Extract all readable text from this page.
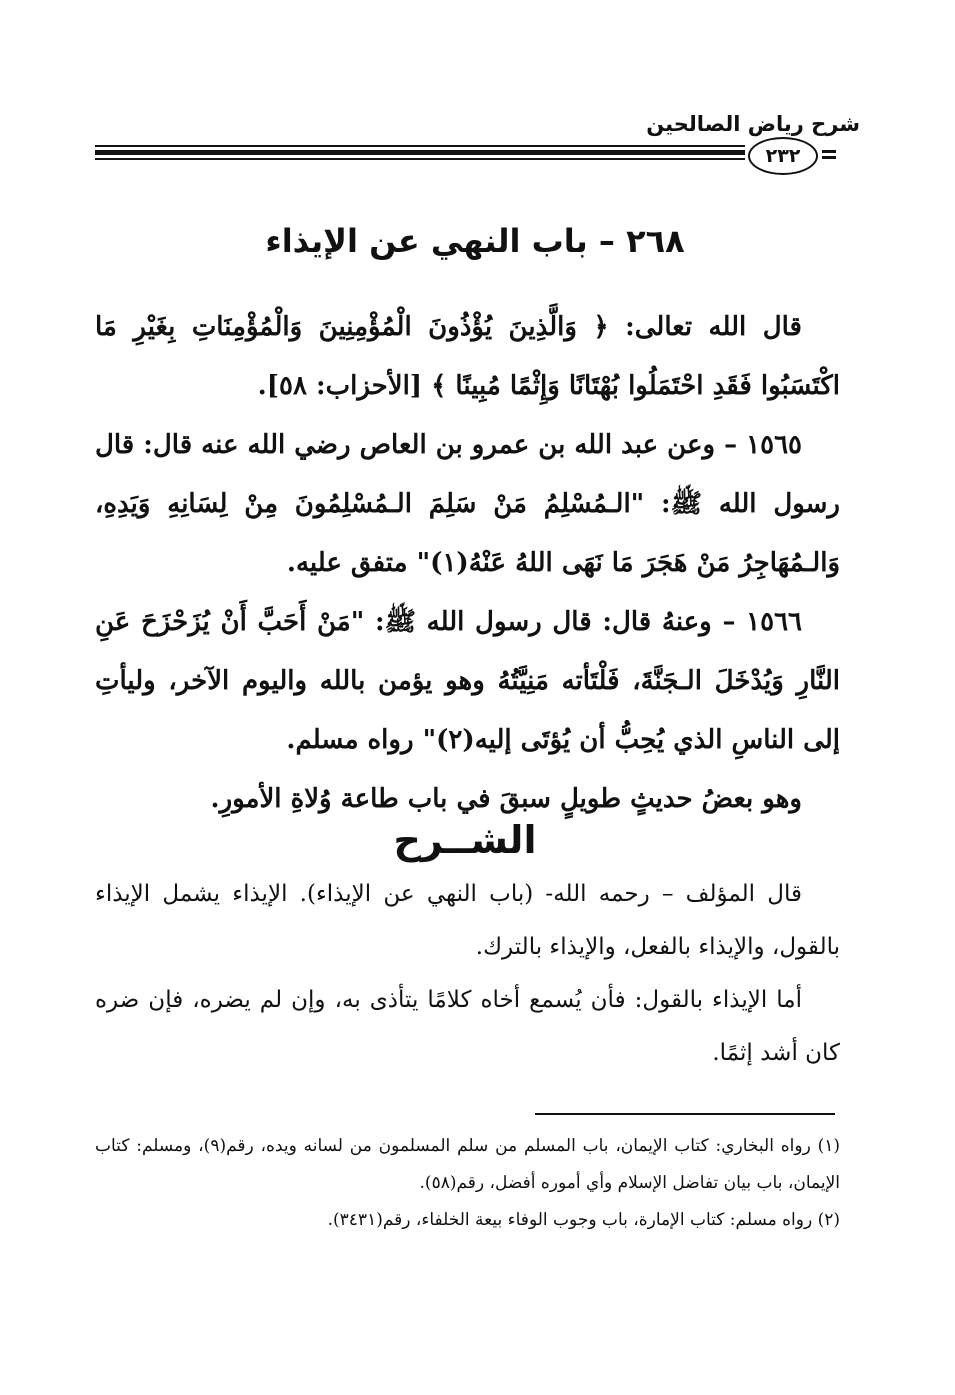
شرح رياض الصالحين
٢٣٢
٢٦٨ – باب النهي عن الإيذاء

قال الله تعالى: ﴿ وَالَّذِينَ يُؤْذُونَ الْمُؤْمِنِينَ وَالْمُؤْمِنَاتِ بِغَيْرِ مَا اكْتَسَبُوا فَقَدِ احْتَمَلُوا بُهْتَانًا وَإِثْمًا مُبِينًا ﴾ [الأحزاب: ٥٨].

١٥٦٥ – وعن عبد الله بن عمرو بن العاص رضي الله عنه قال: قال رسول الله ﷺ: "الـمُسْلِمُ مَنْ سَلِمَ الـمُسْلِمُونَ مِنْ لِسَانِهِ وَيَدِهِ، وَالـمُهَاجِرُ مَنْ هَجَرَ مَا نَهَى اللهُ عَنْهُ(١)" متفق عليه.

١٥٦٦ – وعنهُ قال: قال رسول الله ﷺ: "مَنْ أَحَبَّ أَنْ يُزَحْزَحَ عَنِ النَّارِ وَيُدْخَلَ الـجَنَّةَ، فَلْتَأته مَنِيَّتُهُ وهو يؤمن بالله واليوم الآخر، وليأتِ إلى الناسِ الذي يُحِبُّ أن يُؤتَى إليه(٢)" رواه مسلم.

وهو بعضُ حديثٍ طويلٍ سبقَ في باب طاعة وُلاةِ الأمورِ.

الشــرح

قال المؤلف – رحمه الله- (باب النهي عن الإيذاء). الإيذاء يشمل الإيذاء بالقول، والإيذاء بالفعل، والإيذاء بالترك.

أما الإيذاء بالقول: فأن يُسمع أخاه كلامًا يتأذى به، وإن لم يضره، فإن ضره كان أشد إثمًا.

(١) رواه البخاري: كتاب الإيمان، باب المسلم من سلم المسلمون من لسانه ويده، رقم(٩)، ومسلم: كتاب الإيمان، باب بيان تفاضل الإسلام وأي أموره أفضل، رقم(٥٨).

(٢) رواه مسلم: كتاب الإمارة، باب وجوب الوفاء بيعة الخلفاء، رقم(٣٤٣١).
